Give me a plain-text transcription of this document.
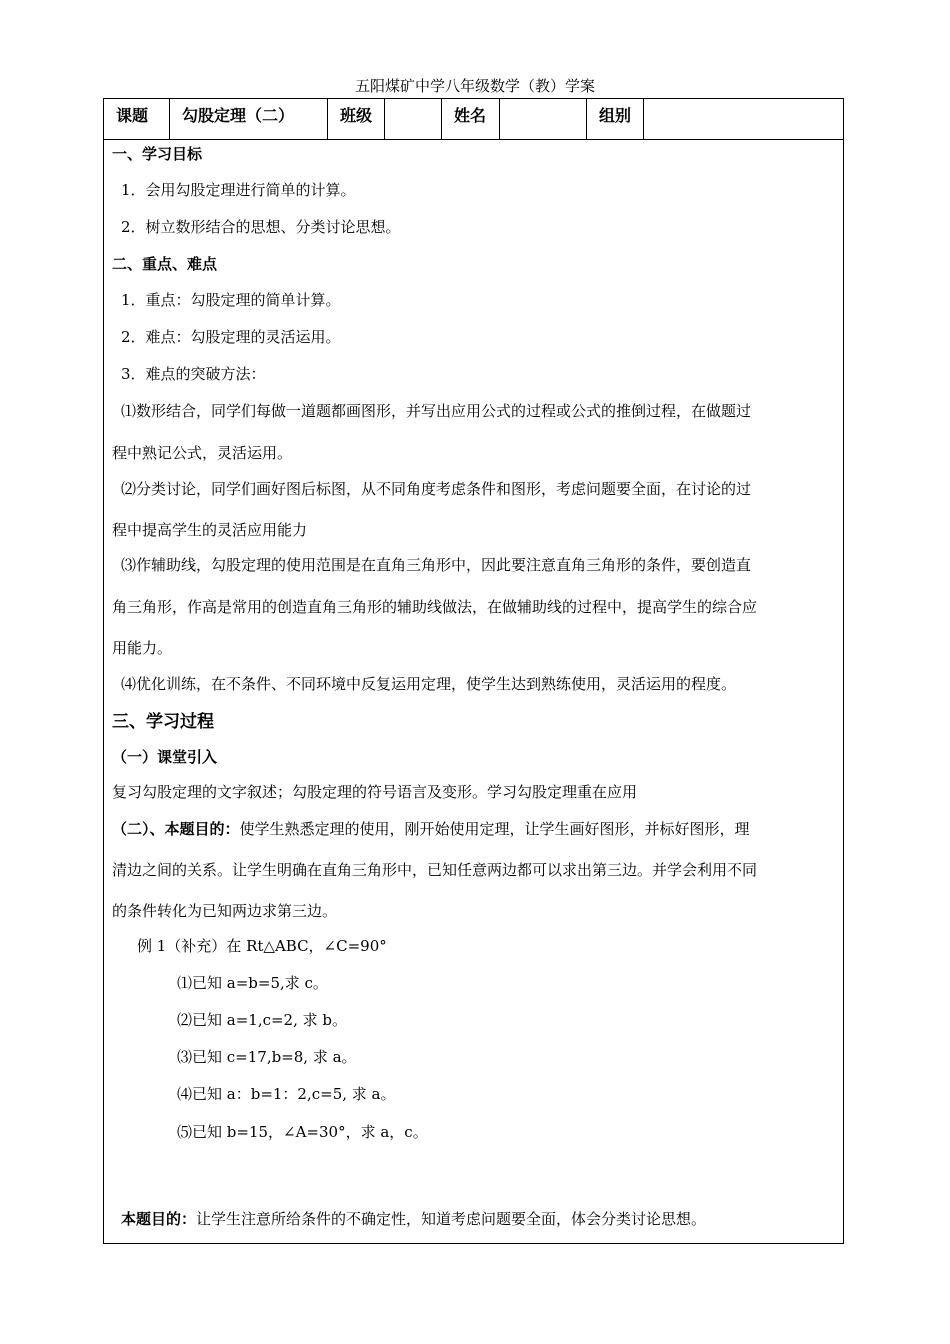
五阳煤矿中学八年级数学（教）学案
课题	勾股定理（二）	班级	姓名	组别
一、学习目标
1．会用勾股定理进行简单的计算。
2．树立数形结合的思想、分类讨论思想。
二、重点、难点
1．重点：勾股定理的简单计算。
2．难点：勾股定理的灵活运用。
3．难点的突破方法：
⑴数形结合，同学们每做一道题都画图形，并写出应用公式的过程或公式的推倒过程，在做题过
程中熟记公式，灵活运用。
⑵分类讨论，同学们画好图后标图，从不同角度考虑条件和图形，考虑问题要全面，在讨论的过
程中提高学生的灵活应用能力
⑶作辅助线，勾股定理的使用范围是在直角三角形中，因此要注意直角三角形的条件，要创造直
角三角形，作高是常用的创造直角三角形的辅助线做法，在做辅助线的过程中，提高学生的综合应
用能力。
⑷优化训练，在不条件、不同环境中反复运用定理，使学生达到熟练使用，灵活运用的程度。
三、学习过程
（一）课堂引入
复习勾股定理的文字叙述；勾股定理的符号语言及变形。学习勾股定理重在应用
（二）、本题目的：使学生熟悉定理的使用，刚开始使用定理，让学生画好图形，并标好图形，理
清边之间的关系。让学生明确在直角三角形中，已知任意两边都可以求出第三边。并学会利用不同
的条件转化为已知两边求第三边。
例 1（补充）在 Rt△ABC，∠C=90°
⑴已知 a=b=5,求 c。
⑵已知 a=1,c=2, 求 b。
⑶已知 c=17,b=8, 求 a。
⑷已知 a：b=1：2,c=5, 求 a。
⑸已知 b=15，∠A=30°，求 a，c。
本题目的：让学生注意所给条件的不确定性，知道考虑问题要全面，体会分类讨论思想。
